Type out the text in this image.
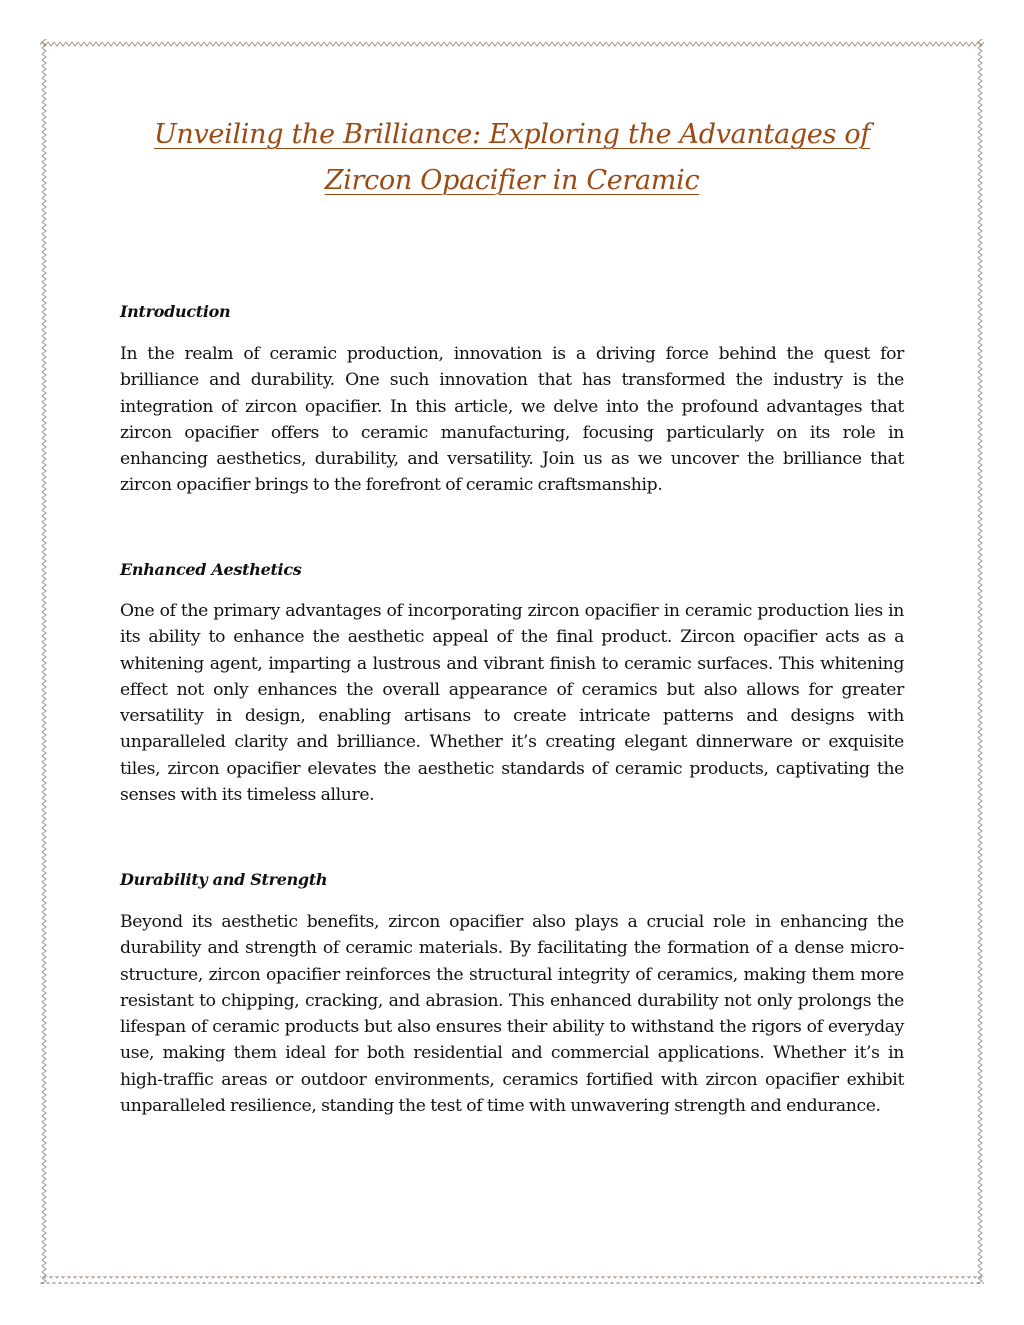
Unveiling the Brilliance: Exploring the Advantages of Zircon Opacifier in Ceramic
Introduction

In the realm of ceramic production, innovation is a driving force behind the quest for brilliance and durability. One such innovation that has transformed the industry is the integration of zircon opacifier. In this article, we delve into the profound advantages that zircon opacifier offers to ceramic manufacturing, focusing particularly on its role in enhancing aesthetics, durability, and versatility. Join us as we uncover the brilliance that zircon opacifier brings to the forefront of ceramic craftsmanship.

Enhanced Aesthetics

One of the primary advantages of incorporating zircon opacifier in ceramic production lies in its ability to enhance the aesthetic appeal of the final product. Zircon opacifier acts as a whitening agent, imparting a lustrous and vibrant finish to ceramic surfaces. This whitening effect not only enhances the overall appearance of ceramics but also allows for greater versatility in design, enabling artisans to create intricate patterns and designs with unparalleled clarity and brilliance. Whether it’s creating elegant dinnerware or exquisite tiles, zircon opacifier elevates the aesthetic standards of ceramic products, captivating the senses with its timeless allure.

Durability and Strength

Beyond its aesthetic benefits, zircon opacifier also plays a crucial role in enhancing the durability and strength of ceramic materials. By facilitating the formation of a dense micro-structure, zircon opacifier reinforces the structural integrity of ceramics, making them more resistant to chipping, cracking, and abrasion. This enhanced durability not only prolongs the lifespan of ceramic products but also ensures their ability to withstand the rigors of everyday use, making them ideal for both residential and commercial applications. Whether it’s in high-traffic areas or outdoor environments, ceramics fortified with zircon opacifier exhibit unparalleled resilience, standing the test of time with unwavering strength and endurance.
